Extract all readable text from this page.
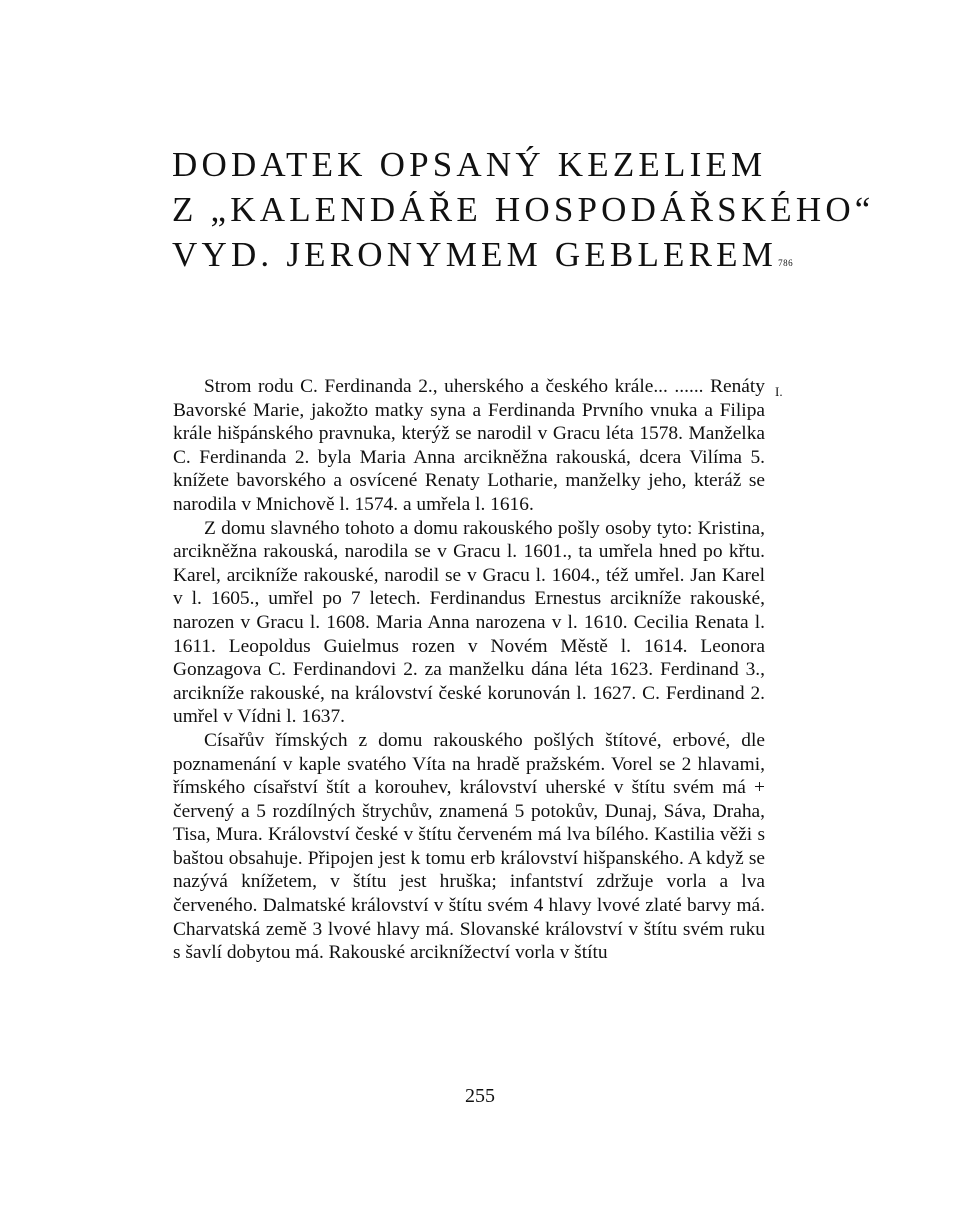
DODATEK OPSANÝ KEZELIEM
Z „KALENDÁŘE HOSPODÁŘSKÉHO“
VYD. JERONYMEM GEBLEREM786
I.

Strom rodu C. Ferdinanda 2., uherského a českého krále... ...... Renáty Bavorské Marie, jakožto matky syna a Ferdinanda Prvního vnuka a Filipa krále hišpánského pravnuka, kterýž se narodil v Gracu léta 1578. Manželka C. Ferdinanda 2. byla Maria Anna arcikněžna rakouská, dcera Vilíma 5. knížete bavorského a osvícené Renaty Lotharie, manželky jeho, kteráž se narodila v Mnichově l. 1574. a umřela l. 1616.

Z domu slavného tohoto a domu rakouského pošly osoby tyto: Kristina, arcikněžna rakouská, narodila se v Gracu l. 1601., ta umřela hned po křtu. Karel, arcikníže rakouské, narodil se v Gracu l. 1604., též umřel. Jan Karel v l. 1605., umřel po 7 letech. Ferdinandus Ernestus arcikníže rakouské, narozen v Gracu l. 1608. Maria Anna narozena v l. 1610. Cecilia Renata l. 1611. Leopoldus Guielmus rozen v Novém Městě l. 1614. Leonora Gonzagova C. Ferdinandovi 2. za manželku dána léta 1623. Ferdinand 3., arcikníže rakouské, na království české korunován l. 1627. C. Ferdinand 2. umřel v Vídni l. 1637.

Císařův římských z domu rakouského pošlých štítové, erbové, dle poznamenání v kaple svatého Víta na hradě pražském. Vorel se 2 hlavami, římského císařství štít a korouhev, království uherské v štítu svém má + červený a 5 rozdílných štrychův, znamená 5 potokův, Dunaj, Sáva, Draha, Tisa, Mura. Království české v štítu červeném má lva bílého. Kastilia věži s baštou obsahuje. Připojen jest k tomu erb království hišpanského. A když se nazývá knížetem, v štítu jest hruška; infantství zdržuje vorla a lva červeného. Dalmatské království v štítu svém 4 hlavy lvové zlaté barvy má. Charvatská země 3 lvové hlavy má. Slovanské království v štítu svém ruku s šavlí dobytou má. Rakouské arciknížectví vorla v štítu

255
